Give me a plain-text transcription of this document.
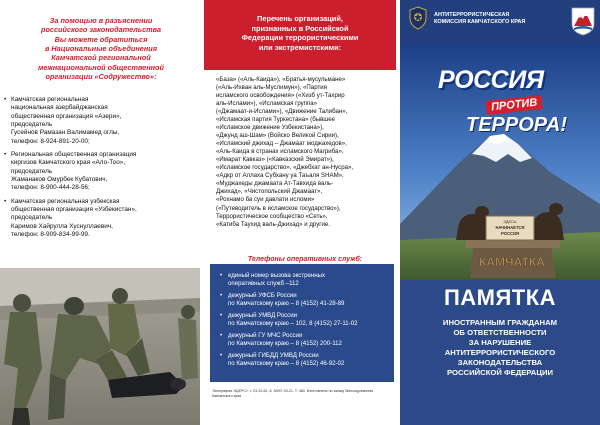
За помощью в разъяснении
российского законодательства
Вы можете обратиться
в Национальные объединения
Камчатской региональной
межнациональной общественной
организации «Содружество»:
• Камчатская региональная
национальная азербайджанская
общественная организация «Азери»,
председатель
Гусейнов Рамазан Валимамед оглы,
телефон: 8-924-891-20-00;
• Региональная общественная организация
киргизов Камчатского края «Ало-Тоо»,
председатель
Жаманаков Омурбек Кубатович,
телефон: 8-900-444-28-56;
• Камчатская региональная узбекская
общественная организация «Узбекистан»,
председатель
Каримов Хайрулла Хуснуллаевич,
телефон: 8-909-834-99-99.
Перечень организаций,
признанных в Российской
Федерации террористическими
или экстремистскими:
«База» («Аль-Каида»), «Братья-мусульмане»
(«Аль-Ихван аль-Муслимун»), «Партия
исламского освобождения» («Хизб ут-Тахрир
аль-Ислами»), «Исламская группа»
(«Джамаат-и-Ислами»), «Движение Талибан»,
«Исламская партия Туркестана» (бывшее
«Исламское движение Узбекистана»),
«Джунд аш-Шам» (Войско Великой Сирии),
«Исламский джихад – Джамаат моджахедов»,
«Аль-Каида в странах исламского Магриба»,
«Имарат Кавказ» («Кавказский Эмират»),
«Исламское государство», «Джебхат ан-Нусра»,
«Адкр от Аллаха Субхану уа Таъаля SHAM»,
«Муджахеды джамаата Ат-Тавхида валь-
Джихад», «Чистопольский Джамаат»,
«Рохнамо ба суи давлати исломи»
(«Путеводитель в исламское государство»),
Террористическое сообщество «Сеть»,
«Катиба Таухид валь-Джихад» и другие.
Телефоны оперативных служб:
• единый номер вызова экстренных
оперативных служб –112
• дежурный УФСБ России
по Камчатскому краю – 8 (4152) 41-28-89
• дежурный УМВД России
по Камчатскому краю – 102, 8 (4152) 27-11-02
• дежурный ГУ МЧС России
по Камчатскому краю – 8 (4152) 200-112
• дежурный ГИБДД УМВД России
по Камчатскому краю – 8 (4152) 46-92-02
Типография «ЩЕРС», т. 23-31-61, 8, 3/597-03-21. Т. 460. Изготовлено по заказу Минсоцразвития Камчатского края
АНТИТЕРРОРИСТИЧЕСКАЯ
КОМИССИЯ КАМЧАТСКОГО КРАЯ
ЗДЕСЬ
НАЧИНАЕТСЯ
РОССИЯ
КАМЧАТКА
РОССИЯ
ПРОТИВ
ТЕРРОРА!
ПАМЯТКА
ИНОСТРАННЫМ ГРАЖДАНАМ
ОБ ОТВЕТСТВЕННОСТИ
ЗА НАРУШЕНИЕ
АНТИТЕРРОРИСТИЧЕСКОГО
ЗАКОНОДАТЕЛЬСТВА
РОССИЙСКОЙ ФЕДЕРАЦИИ
